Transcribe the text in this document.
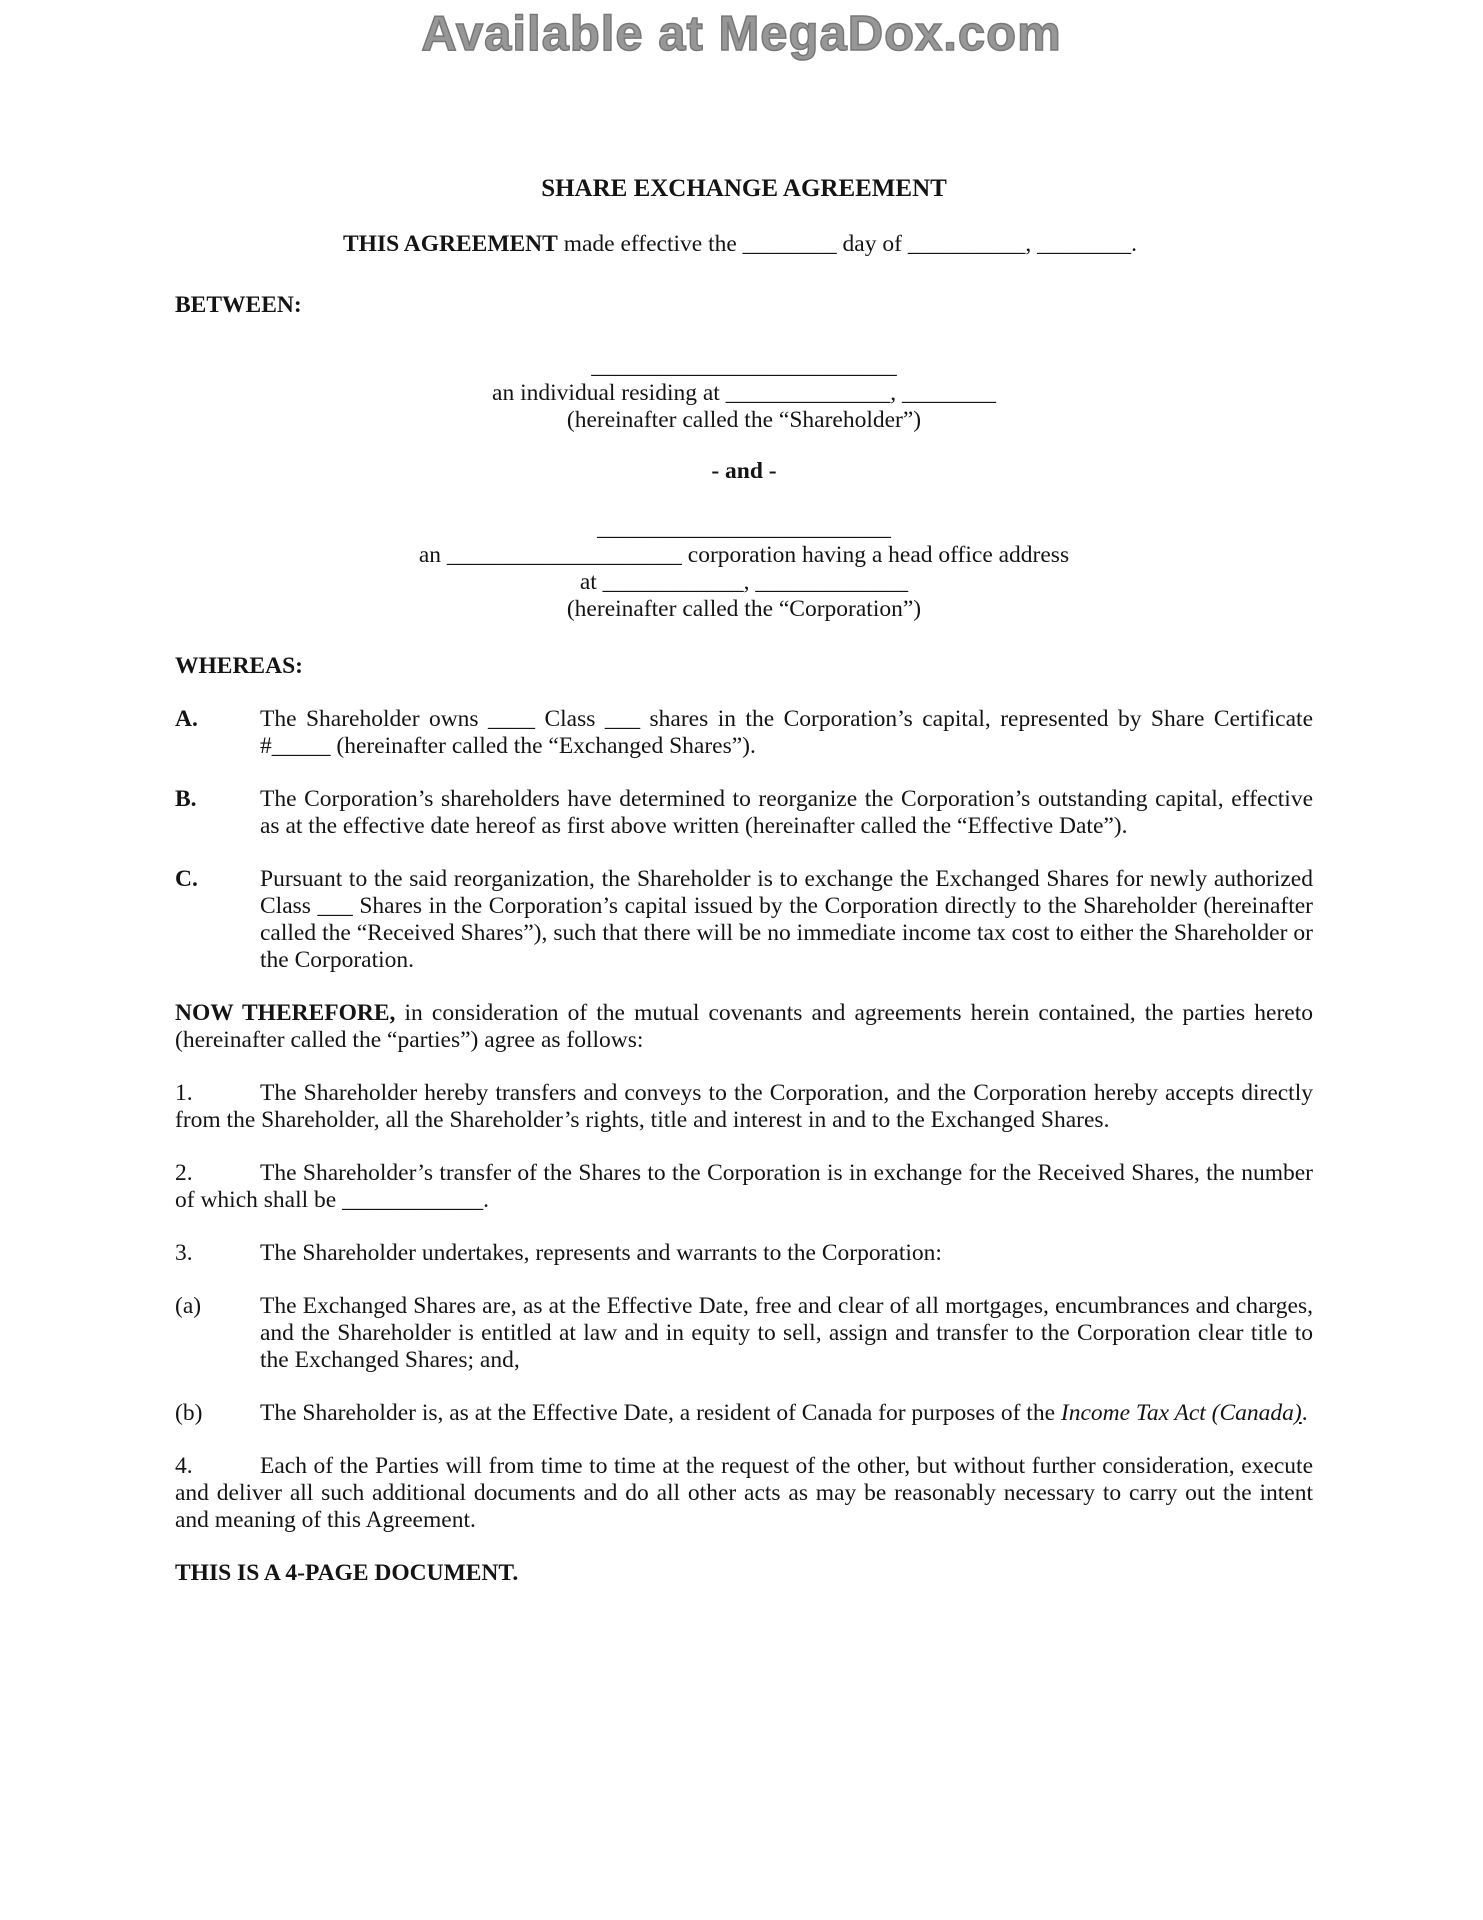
Available at MegaDox.com
SHARE EXCHANGE AGREEMENT

THIS AGREEMENT made effective the ________ day of __________, ________.

BETWEEN:

__________________________

an individual residing at ______________, ________

(hereinafter called the “Shareholder”)

- and -

_________________________

an ____________________ corporation having a head office address

at ____________, _____________

(hereinafter called the “Corporation”)

WHEREAS:

A.	The Shareholder owns ____ Class ___ shares in the Corporation’s capital, represented by Share Certificate #_____ (hereinafter called the “Exchanged Shares”).

B.	The Corporation’s shareholders have determined to reorganize the Corporation’s outstanding capital, effective as at the effective date hereof as first above written (hereinafter called the “Effective Date”).

C.	Pursuant to the said reorganization, the Shareholder is to exchange the Exchanged Shares for newly authorized Class ___ Shares in the Corporation’s capital issued by the Corporation directly to the Shareholder (hereinafter called the “Received Shares”), such that there will be no immediate income tax cost to either the Shareholder or the Corporation.

NOW THEREFORE, in consideration of the mutual covenants and agreements herein contained, the parties hereto (hereinafter called the “parties”) agree as follows:

1.	The Shareholder hereby transfers and conveys to the Corporation, and the Corporation hereby accepts directly from the Shareholder, all the Shareholder’s rights, title and interest in and to the Exchanged Shares.

2.	The Shareholder’s transfer of the Shares to the Corporation is in exchange for the Received Shares, the number of which shall be ____________.

3.	The Shareholder undertakes, represents and warrants to the Corporation:

(a)	The Exchanged Shares are, as at the Effective Date, free and clear of all mortgages, encumbrances and charges, and the Shareholder is entitled at law and in equity to sell, assign and transfer to the Corporation clear title to the Exchanged Shares; and,

(b) The Shareholder is, as at the Effective Date, a resident of Canada for purposes of the Income Tax Act (Canada).

4.	Each of the Parties will from time to time at the request of the other, but without further consideration, execute and deliver all such additional documents and do all other acts as may be reasonably necessary to carry out the intent and meaning of this Agreement.

THIS IS A 4-PAGE DOCUMENT.
